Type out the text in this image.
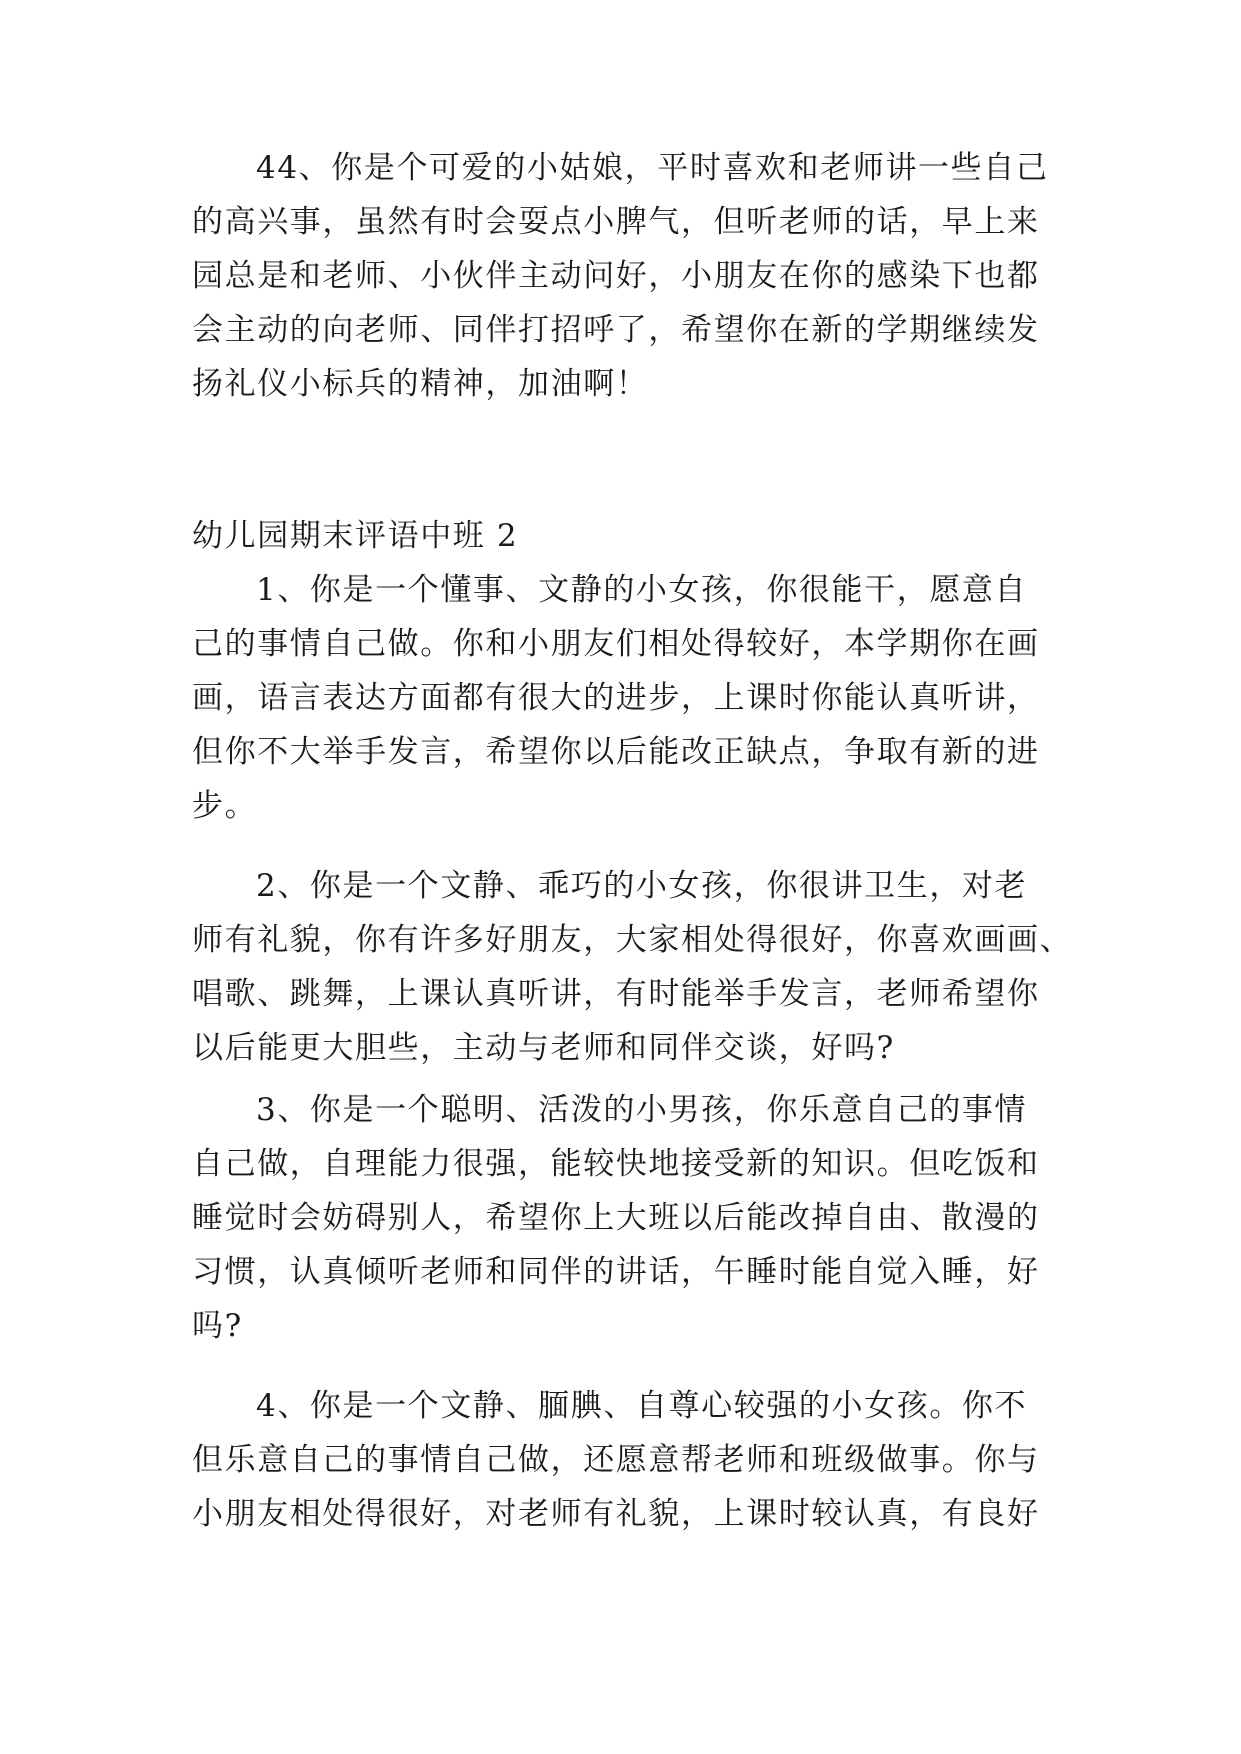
44、你是个可爱的小姑娘，平时喜欢和老师讲一些自己
的高兴事，虽然有时会耍点小脾气，但听老师的话，早上来
园总是和老师、小伙伴主动问好，小朋友在你的感染下也都
会主动的向老师、同伴打招呼了，希望你在新的学期继续发
扬礼仪小标兵的精神，加油啊！
幼儿园期末评语中班 2
1、你是一个懂事、文静的小女孩，你很能干，愿意自
己的事情自己做。你和小朋友们相处得较好，本学期你在画
画，语言表达方面都有很大的进步，上课时你能认真听讲，
但你不大举手发言，希望你以后能改正缺点，争取有新的进
步。
2、你是一个文静、乖巧的小女孩，你很讲卫生，对老
师有礼貌，你有许多好朋友，大家相处得很好，你喜欢画画、
唱歌、跳舞，上课认真听讲，有时能举手发言，老师希望你
以后能更大胆些，主动与老师和同伴交谈，好吗?
3、你是一个聪明、活泼的小男孩，你乐意自己的事情
自己做，自理能力很强，能较快地接受新的知识。但吃饭和
睡觉时会妨碍别人，希望你上大班以后能改掉自由、散漫的
习惯，认真倾听老师和同伴的讲话，午睡时能自觉入睡，好
吗?
4、你是一个文静、腼腆、自尊心较强的小女孩。你不
但乐意自己的事情自己做，还愿意帮老师和班级做事。你与
小朋友相处得很好，对老师有礼貌，上课时较认真，有良好
